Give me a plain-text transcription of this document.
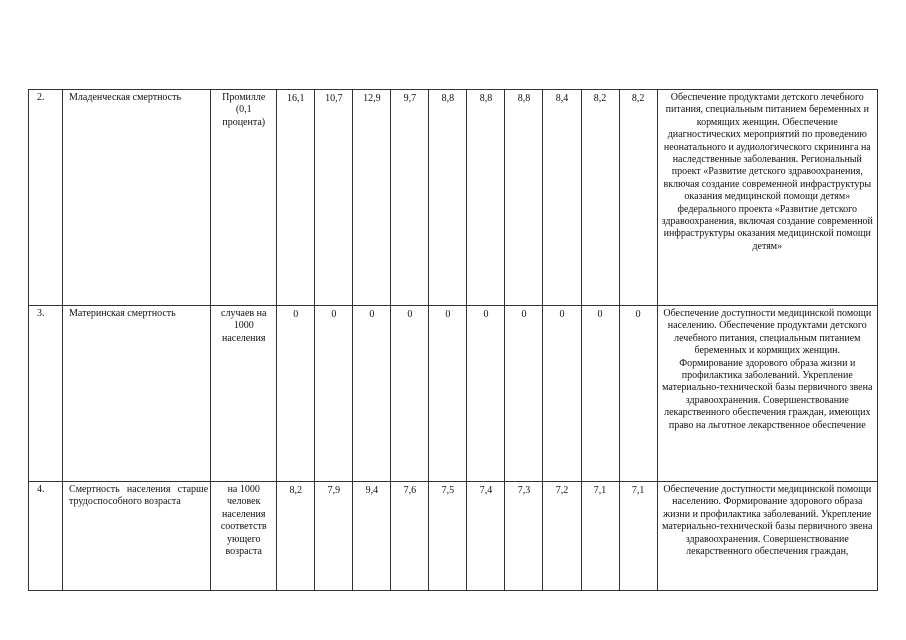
2.	Младенческая смертность	Промилле (0,1 процента)	16,1	10,7	12,9	9,7	8,8	8,8	8,8	8,4	8,2	8,2	Обеспечение продуктами детского лечебного питания, специальным питанием беременных и кормящих женщин. Обеспечение диагностических мероприятий по проведению неонатального и аудиологического скрининга на наследственные заболевания. Региональный проект «Развитие детского здравоохранения, включая создание современной инфраструктуры оказания медицинской помощи детям» федерального проекта «Развитие детского здравоохранения, включая создание современной инфраструктуры оказания медицинской помощи детям»

3.	Материнская смертность	случаев на 1000 населения	0	0	0	0	0	0	0	0	0	0	Обеспечение доступности медицинской помощи населению. Обеспечение продуктами детского лечебного питания, специальным питанием беременных и кормящих женщин. Формирование здорового образа жизни и профилактика заболеваний. Укрепление материально-технической базы первичного звена здравоохранения. Совершенствование лекарственного обеспечения граждан, имеющих право на льготное лекарственное обеспечение

4.	Смертность населения старше трудоспособного возраста	на 1000 человек населения соответств ующего возраста	8,2	7,9	9,4	7,6	7,5	7,4	7,3	7,2	7,1	7,1	Обеспечение доступности медицинской помощи населению. Формирование здорового образа жизни и профилактика заболеваний. Укрепление материально-технической базы первичного звена здравоохранения. Совершенствование лекарственного обеспечения граждан,
